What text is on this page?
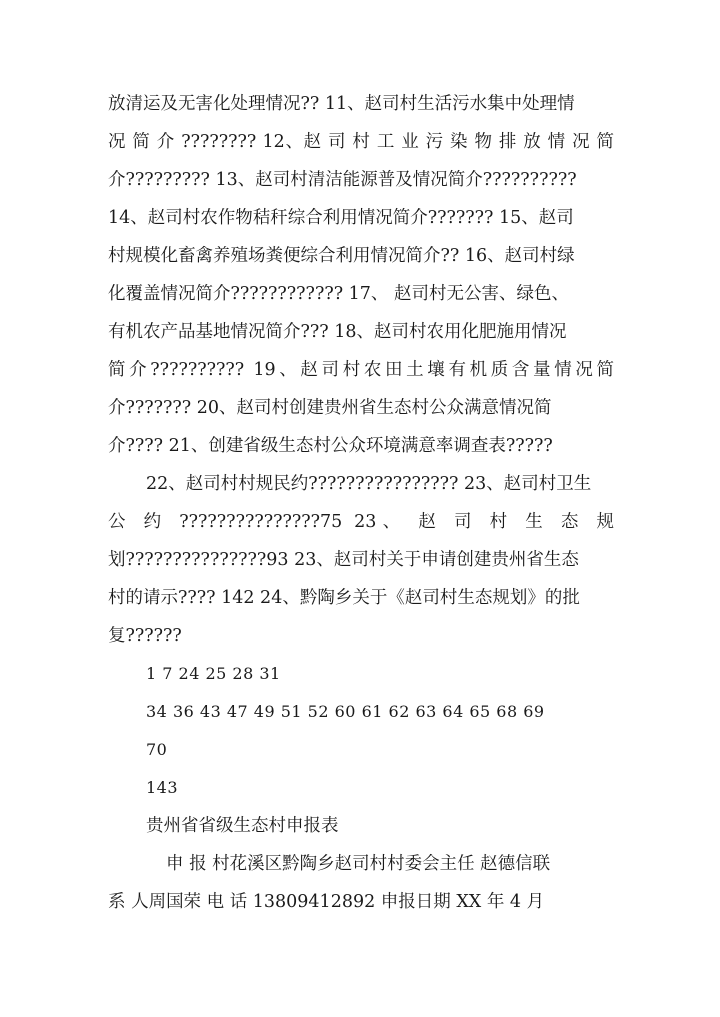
放清运及无害化处理情况?? 11、赵司村生活污水集中处理情
况 简 介 ???????? 12、赵 司 村 工 业 污 染 物 排 放 情 况 简
介????????? 13、赵司村清洁能源普及情况简介??????????
14、赵司村农作物秸秆综合利用情况简介??????? 15、赵司
村规模化畜禽养殖场粪便综合利用情况简介?? 16、赵司村绿
化覆盖情况简介???????????? 17、 赵司村无公害、绿色、
有机农产品基地情况简介??? 18、赵司村农用化肥施用情况
简介?????????? 19、赵司村农田土壤有机质含量情况简
介??????? 20、赵司村创建贵州省生态村公众满意情况简
介???? 21、创建省级生态村公众环境满意率调查表?????
22、赵司村村规民约???????????????? 23、赵司村卫生
公 约 ???????????????75 23、 赵 司 村 生 态 规
划???????????????93 23、赵司村关于申请创建贵州省生态
村的请示???? 142 24、黔陶乡关于《赵司村生态规划》的批
复??????
1 7 24 25 28 31
34 36 43 47 49 51 52 60 61 62 63 64 65 68 69
70
143
贵州省省级生态村申报表
申 报 村花溪区黔陶乡赵司村村委会主任 赵德信联
系 人周国荣 电 话 13809412892 申报日期 XX 年 4 月
